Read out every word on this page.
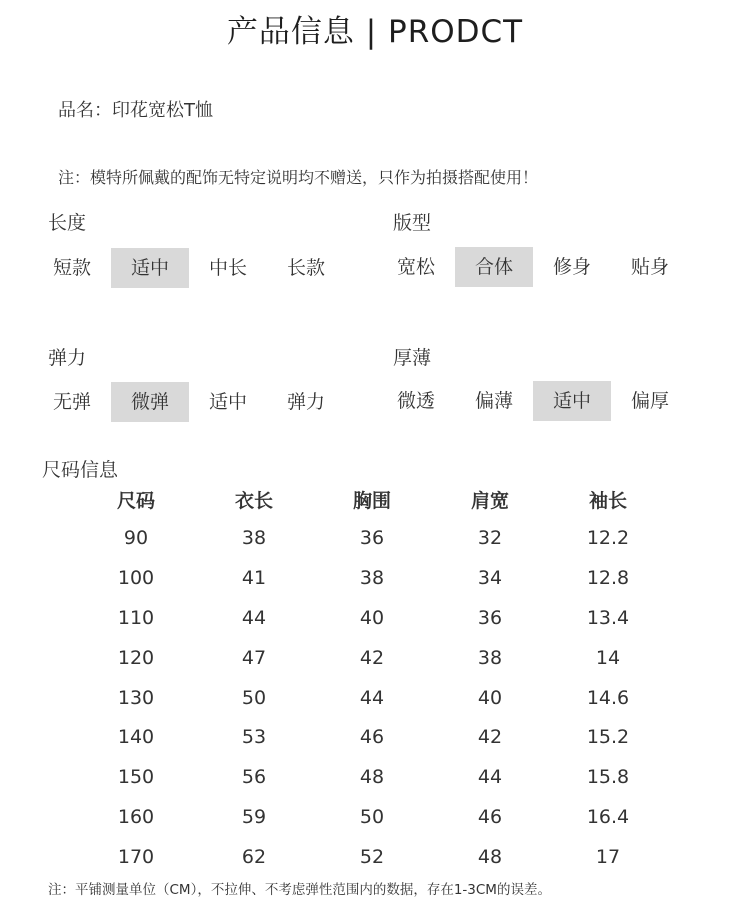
产品信息 | PRODCT
品名：印花宽松T恤
注：模特所佩戴的配饰无特定说明均不赠送，只作为拍摄搭配使用！
长度
短款	适中	中长	长款
版型
宽松	合体	修身	贴身
弹力
无弹	微弹	适中	弹力
厚薄
微透	偏薄	适中	偏厚
尺码信息
尺码	衣长	胸围	肩宽	袖长
90	38	36	32	12.2
100	41	38	34	12.8
110	44	40	36	13.4
120	47	42	38	14
130	50	44	40	14.6
140	53	46	42	15.2
150	56	48	44	15.8
160	59	50	46	16.4
170	62	52	48	17
注：平铺测量单位（CM），不拉伸、不考虑弹性范围内的数据，存在1-3CM的误差。
